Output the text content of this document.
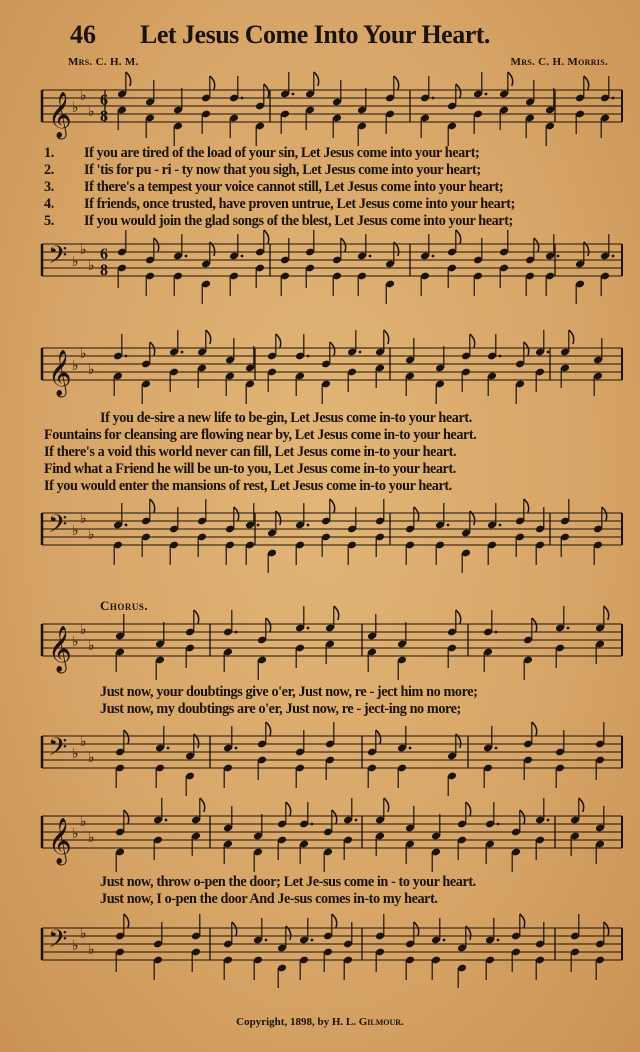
46 Let Jesus Come Into Your Heart.
Mrs. C. H. M.	Mrs. C. H. Morris.
𝄞 ♭
♭
♭
6
8
1. If you are tired of the load of your sin, Let Jesus come into your heart;
2. If 'tis for pu - ri - ty now that you sigh, Let Jesus come into your heart;
3. If there's a tempest your voice cannot still, Let Jesus come into your heart;
4. If friends, once trusted, have proven untrue, Let Jesus come into your heart;
5. If you would join the glad songs of the blest, Let Jesus come into your heart;
𝄢 ♭
♭
♭
6
8
𝄞 ♭
♭
♭
If you de-sire a new life to be-gin, Let Jesus come in-to your heart.
Fountains for cleansing are flowing near by, Let Jesus come in-to your heart.
If there's a void this world never can fill, Let Jesus come in-to your heart.
Find what a Friend he will be un-to you, Let Jesus come in-to your heart.
If you would enter the mansions of rest, Let Jesus come in-to your heart.
𝄢 ♭
♭
♭
Chorus.
𝄞 ♭
♭
♭
Just now, your doubtings give o'er, Just now, re - ject him no more;
Just now, my doubtings are o'er, Just now, re - ject-ing no more;
𝄢 ♭
♭
♭
𝄞 ♭
♭
♭
Just now, throw o-pen the door; Let Je-sus come in - to your heart.
Just now, I o-pen the door And Je-sus comes in-to my heart.
𝄢 ♭
♭
♭
Copyright, 1898, by H. L. Gilmour.
